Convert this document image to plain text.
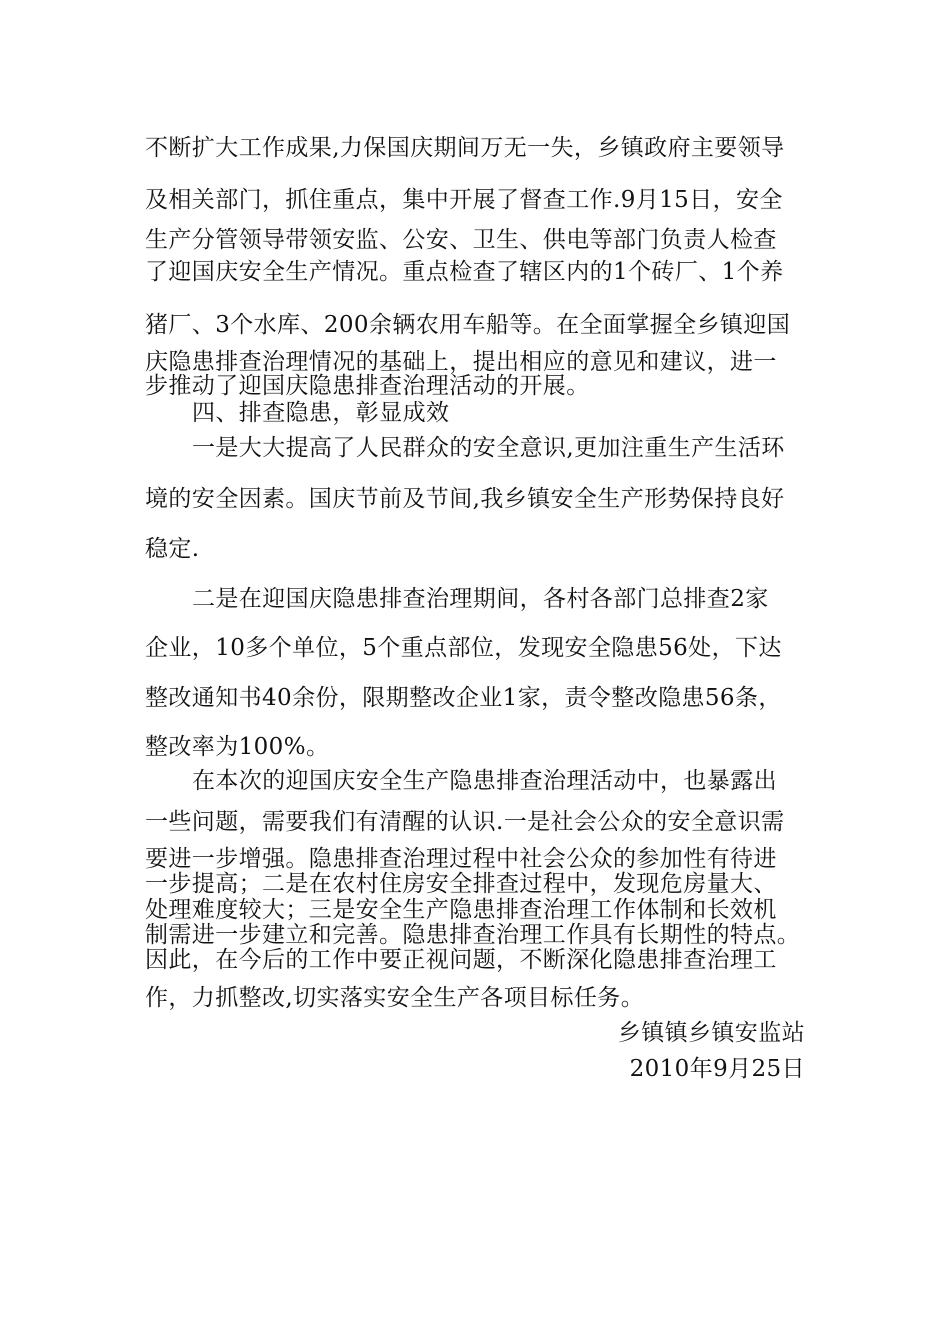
不断扩大工作成果,力保国庆期间万无一失，乡镇政府主要领导
及相关部门，抓住重点，集中开展了督查工作.9月15日，安全
生产分管领导带领安监、公安、卫生、供电等部门负责人检查
了迎国庆安全生产情况。重点检查了辖区内的1个砖厂、1个养
猪厂、3个水库、200余辆农用车船等。在全面掌握全乡镇迎国
庆隐患排查治理情况的基础上，提出相应的意见和建议，进一
步推动了迎国庆隐患排查治理活动的开展。
四、排查隐患，彰显成效
一是大大提高了人民群众的安全意识,更加注重生产生活环
境的安全因素。国庆节前及节间,我乡镇安全生产形势保持良好
稳定.
二是在迎国庆隐患排查治理期间，各村各部门总排查2家
企业，10多个单位，5个重点部位，发现安全隐患56处，下达
整改通知书40余份，限期整改企业1家，责令整改隐患56条，
整改率为100%。
在本次的迎国庆安全生产隐患排查治理活动中，也暴露出
一些问题，需要我们有清醒的认识.一是社会公众的安全意识需
要进一步增强。隐患排查治理过程中社会公众的参加性有待进
一步提高；二是在农村住房安全排查过程中，发现危房量大、
处理难度较大；三是安全生产隐患排查治理工作体制和长效机
制需进一步建立和完善。隐患排查治理工作具有长期性的特点。
因此，在今后的工作中要正视问题，不断深化隐患排查治理工
作，力抓整改,切实落实安全生产各项目标任务。
乡镇镇乡镇安监站
2010年9月25日
